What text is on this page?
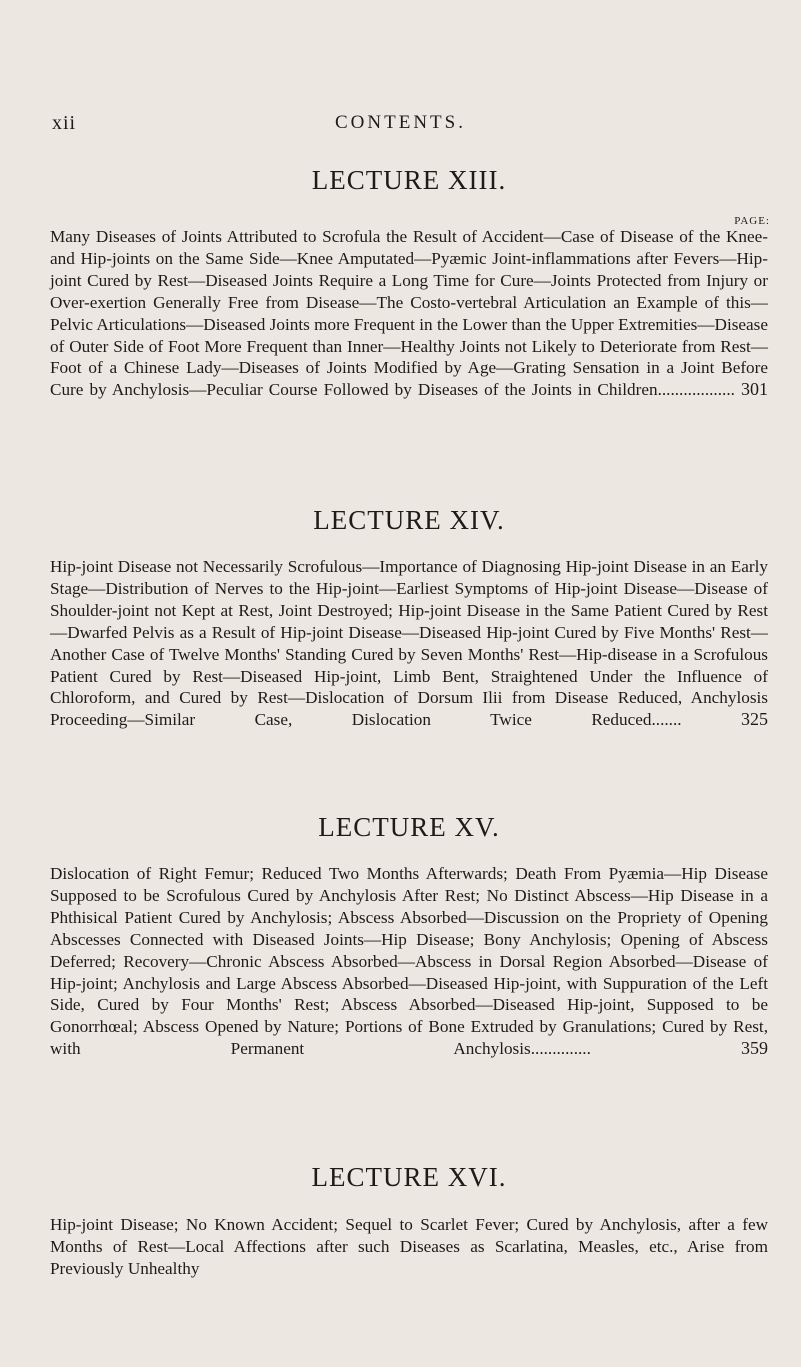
xii	CONTENTS.
LECTURE XIII.
PAGE:

Many Diseases of Joints Attributed to Scrofula the Result of Accident—Case of Disease of the Knee- and Hip-joints on the Same Side—Knee Amputated—Pyæmic Joint-inflammations after Fevers—Hip-joint Cured by Rest—Diseased Joints Require a Long Time for Cure—Joints Protected from Injury or Over-exertion Generally Free from Disease—The Costo-vertebral Articulation an Example of this—Pelvic Articulations—Diseased Joints more Frequent in the Lower than the Upper Extremities—Disease of Outer Side of Foot More Frequent than Inner—Healthy Joints not Likely to Deteriorate from Rest—Foot of a Chinese Lady—Diseases of Joints Modified by Age—Grating Sensation in a Joint Before Cure by Anchylosis—Peculiar Course Followed by Diseases of the Joints in Children.................. 301

LECTURE XIV.

Hip-joint Disease not Necessarily Scrofulous—Importance of Diagnosing Hip-joint Disease in an Early Stage—Distribution of Nerves to the Hip-joint—Earliest Symptoms of Hip-joint Disease—Disease of Shoulder-joint not Kept at Rest, Joint Destroyed; Hip-joint Disease in the Same Patient Cured by Rest—Dwarfed Pelvis as a Result of Hip-joint Disease—Diseased Hip-joint Cured by Five Months' Rest—Another Case of Twelve Months' Standing Cured by Seven Months' Rest—Hip-disease in a Scrofulous Patient Cured by Rest—Diseased Hip-joint, Limb Bent, Straightened Under the Influence of Chloroform, and Cured by Rest—Dislocation of Dorsum Ilii from Disease Reduced, Anchylosis Proceeding—Similar Case, Dislocation Twice Reduced.......	325

LECTURE XV.

Dislocation of Right Femur; Reduced Two Months Afterwards; Death From Pyæmia—Hip Disease Supposed to be Scrofulous Cured by Anchylosis After Rest; No Distinct Abscess—Hip Disease in a Phthisical Patient Cured by Anchylosis; Abscess Absorbed—Discussion on the Propriety of Opening Abscesses Connected with Diseased Joints—Hip Disease; Bony Anchylosis; Opening of Abscess Deferred; Recovery—Chronic Abscess Absorbed—Abscess in Dorsal Region Absorbed—Disease of Hip-joint; Anchylosis and Large Abscess Absorbed—Diseased Hip-joint, with Suppuration of the Left Side, Cured by Four Months' Rest; Abscess Absorbed—Diseased Hip-joint, Supposed to be Gonorrhœal; Abscess Opened by Nature; Portions of Bone Extruded by Granulations; Cured by Rest, with Permanent Anchylosis..............	359

LECTURE XVI.

Hip-joint Disease; No Known Accident; Sequel to Scarlet Fever; Cured by Anchylosis, after a few Months of Rest—Local Affections after such Diseases as Scarlatina, Measles, etc., Arise from Previously Unhealthy
